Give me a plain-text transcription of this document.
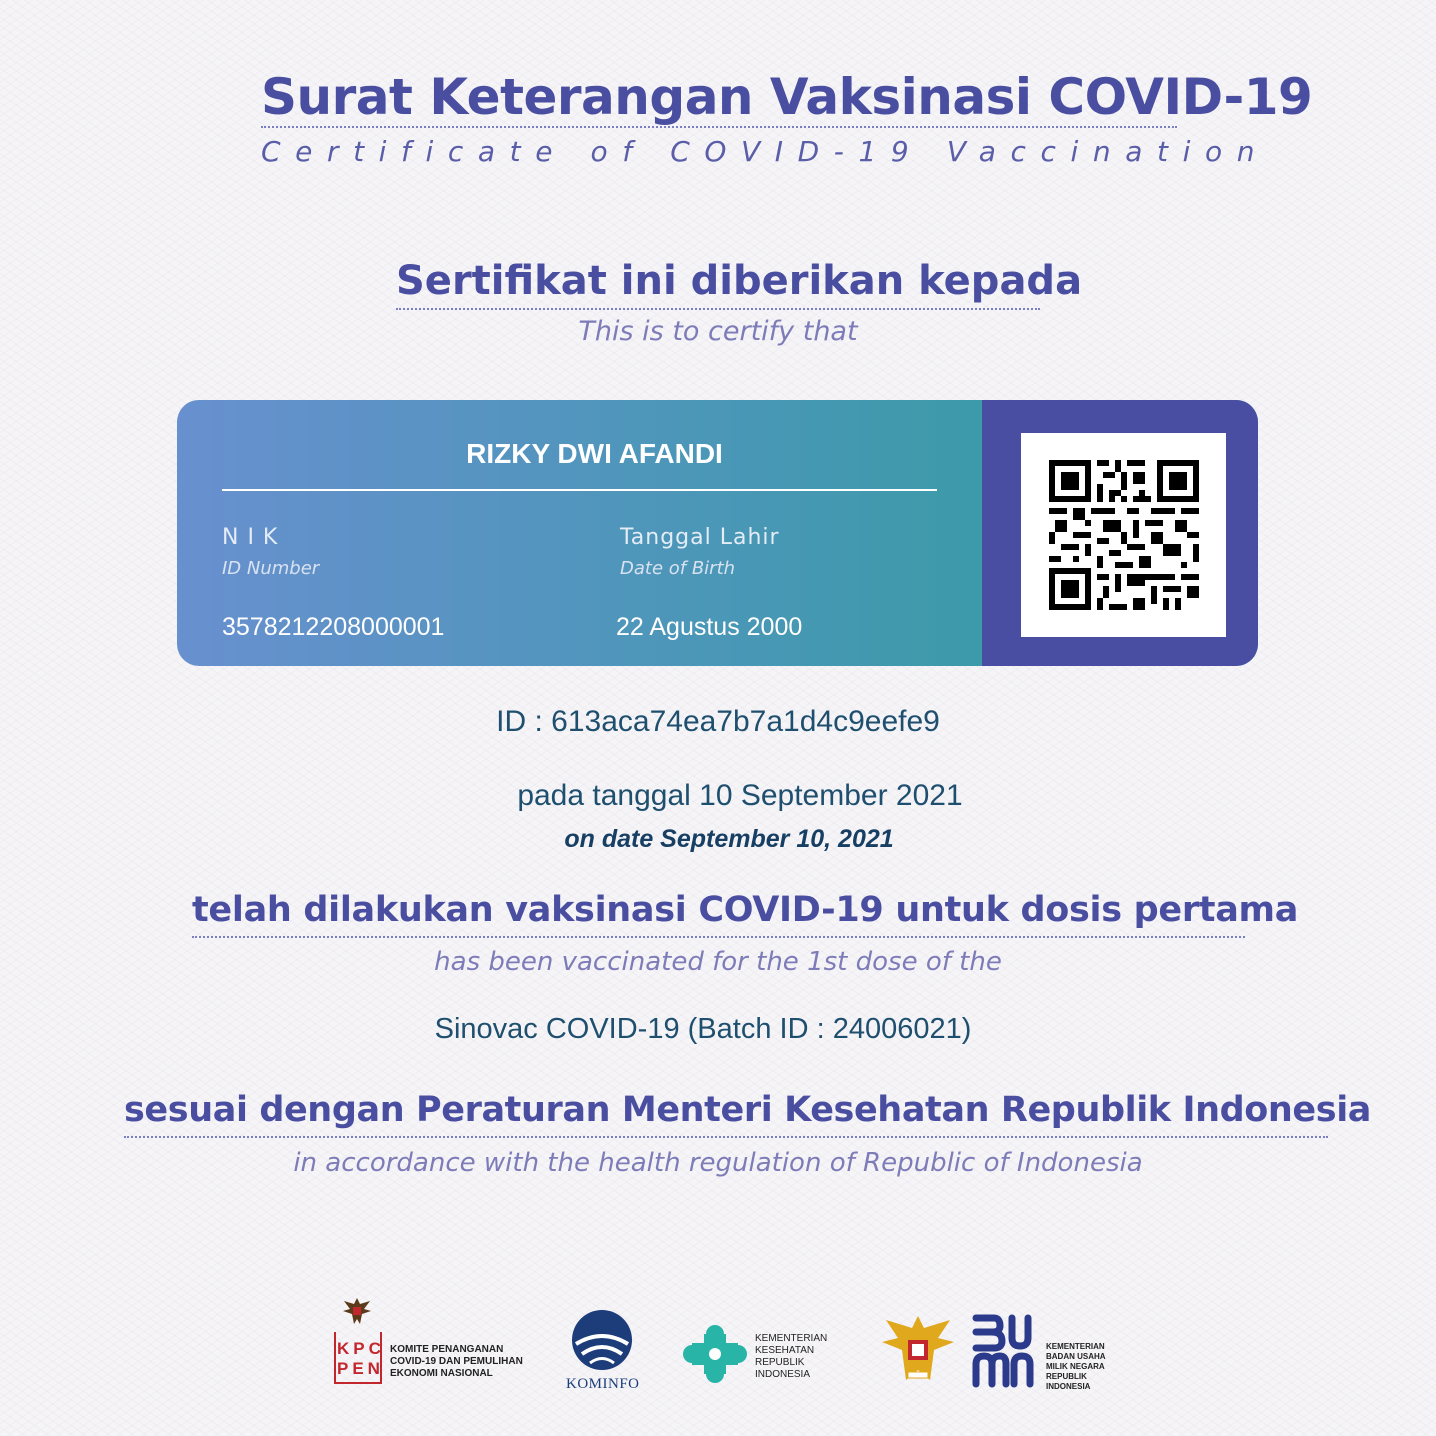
Surat Keterangan Vaksinasi COVID-19
Certificate of COVID-19 Vaccination
Sertifikat ini diberikan kepada
This is to certify that
RIZKY DWI AFANDI
N I K
ID Number
3578212208000001
Tanggal Lahir
Date of Birth
22 Agustus 2000
ID : 613aca74ea7b7a1d4c9eefe9
pada tanggal 10 September 2021
on date September 10, 2021
telah dilakukan vaksinasi COVID-19 untuk dosis pertama
has been vaccinated for the 1st dose of the
Sinovac COVID-19 (Batch ID : 24006021)
sesuai dengan Peraturan Menteri Kesehatan Republik Indonesia
in accordance with the health regulation of Republic of Indonesia
KPC
PEN
KOMITE PENANGANAN
COVID-19 DAN PEMULIHAN
EKONOMI NASIONAL
KOMINFO
KEMENTERIAN
KESEHATAN
REPUBLIK
INDONESIA
KEMENTERIAN
BADAN USAHA
MILIK NEGARA
REPUBLIK
INDONESIA
